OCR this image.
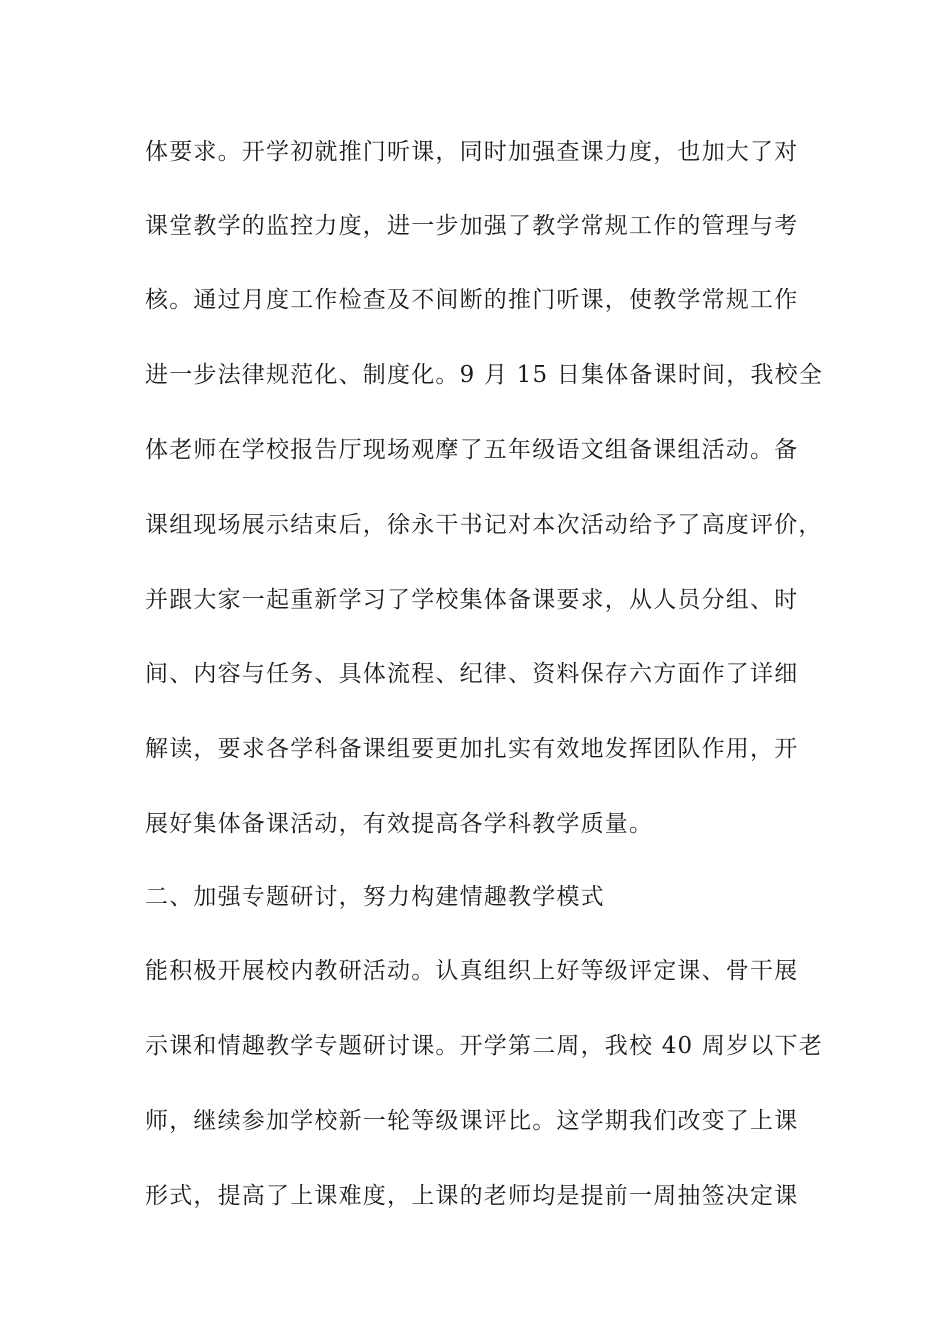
体要求。开学初就推门听课，同时加强查课力度，也加大了对
课堂教学的监控力度，进一步加强了教学常规工作的管理与考
核。通过月度工作检查及不间断的推门听课，使教学常规工作
进一步法律规范化、制度化。9 月 15 日集体备课时间，我校全
体老师在学校报告厅现场观摩了五年级语文组备课组活动。备
课组现场展示结束后，徐永干书记对本次活动给予了高度评价，
并跟大家一起重新学习了学校集体备课要求，从人员分组、时
间、内容与任务、具体流程、纪律、资料保存六方面作了详细
解读，要求各学科备课组要更加扎实有效地发挥团队作用，开
展好集体备课活动，有效提高各学科教学质量。
二、加强专题研讨，努力构建情趣教学模式
能积极开展校内教研活动。认真组织上好等级评定课、骨干展
示课和情趣教学专题研讨课。开学第二周，我校 40 周岁以下老
师，继续参加学校新一轮等级课评比。这学期我们改变了上课
形式，提高了上课难度，上课的老师均是提前一周抽签决定课
